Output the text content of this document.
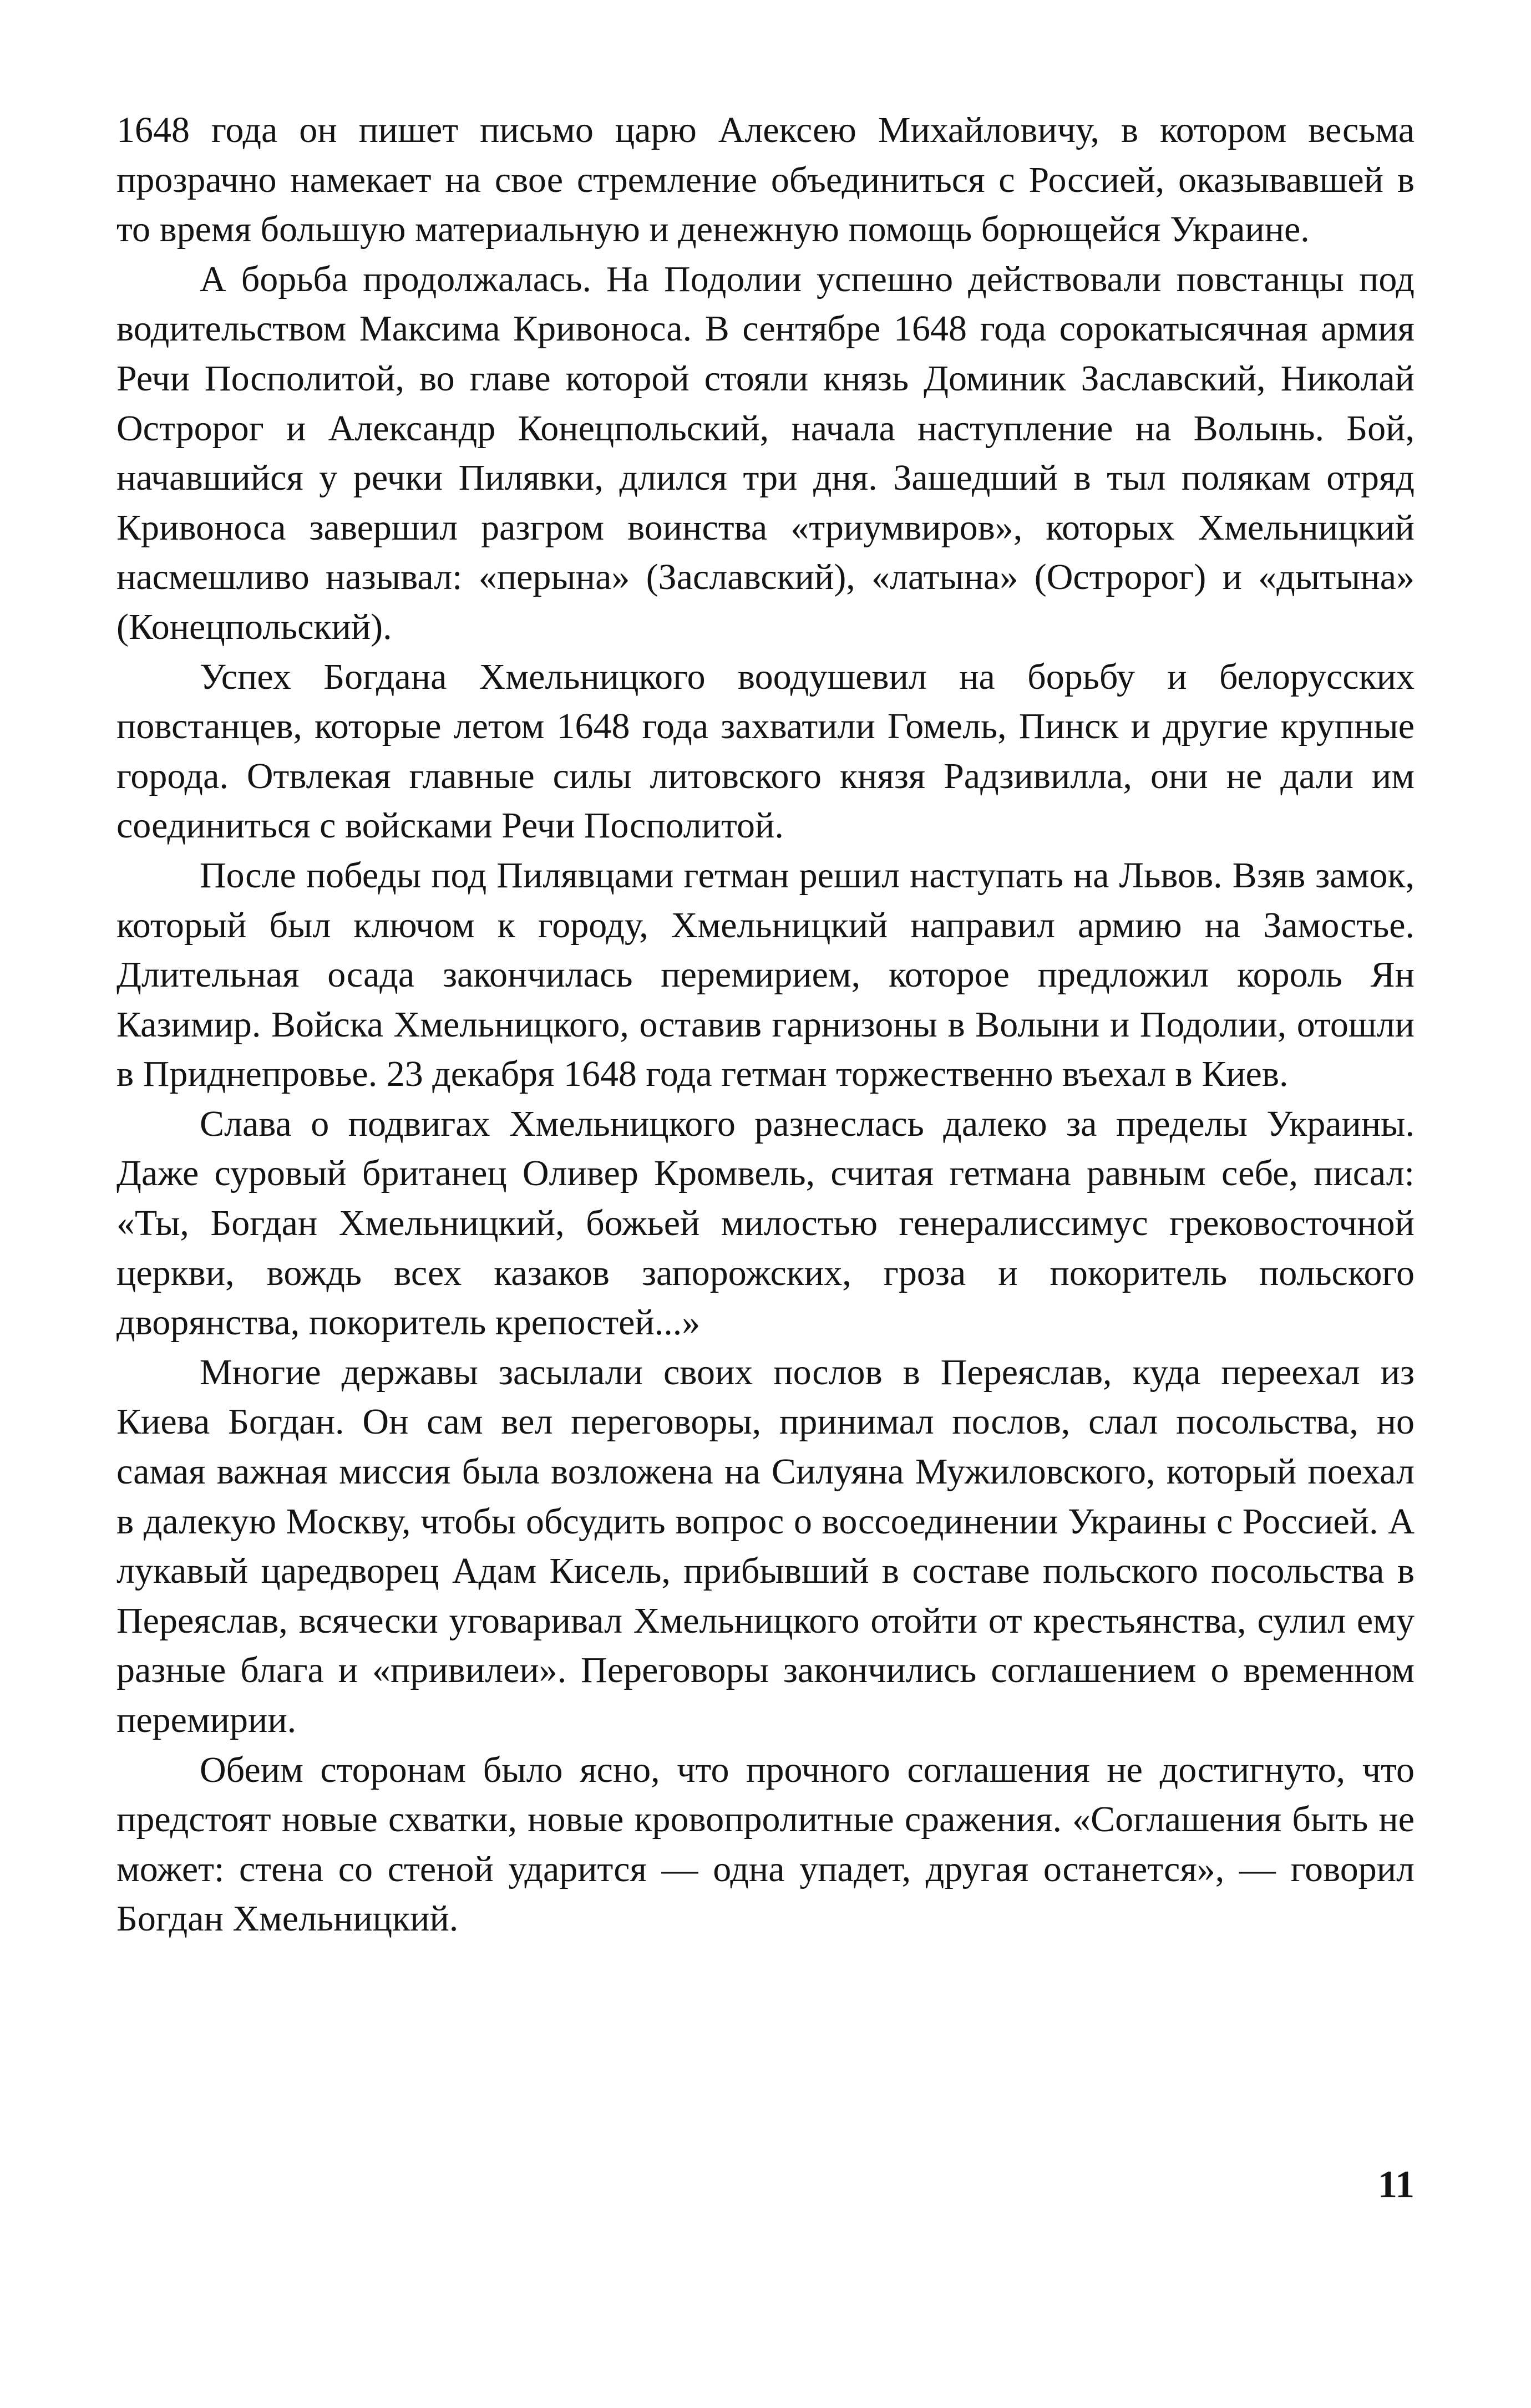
1648 года он пишет письмо царю Алексею Михайловичу, в котором весьма прозрачно намекает на свое стремление объединиться с Россией, оказывавшей в то время большую материальную и денежную помощь борющейся Украине.

А борьба продолжалась. На Подолии успешно действовали повстанцы под водительством Максима Кривоноса. В сентябре 1648 года сорокатысячная армия Речи Посполитой, во главе которой стояли князь Доминик Заславский, Николай Остророг и Александр Конецпольский, начала наступление на Волынь. Бой, начавшийся у речки Пилявки, длился три дня. Зашедший в тыл полякам отряд Кривоноса завершил разгром воинства «триумвиров», которых Хмельницкий насмешливо называл: «перына» (Заславский), «латына» (Остророг) и «дытына» (Конецпольский).

Успех Богдана Хмельницкого воодушевил на борьбу и белорусских повстанцев, которые летом 1648 года захватили Гомель, Пинск и другие крупные города. Отвлекая главные силы литовского князя Радзивилла, они не дали им соединиться с войсками Речи Посполитой.

После победы под Пилявцами гетман решил наступать на Львов. Взяв замок, который был ключом к городу, Хмельницкий направил армию на Замостье. Длительная осада закончилась перемирием, которое предложил король Ян Казимир. Войска Хмельницкого, оставив гарнизоны в Волыни и Подолии, отошли в Приднепровье. 23 декабря 1648 года гетман торжественно въехал в Киев.

Слава о подвигах Хмельницкого разнеслась далеко за пределы Украины. Даже суровый британец Оливер Кромвель, считая гетмана равным себе, писал: «Ты, Богдан Хмельницкий, божьей милостью генералиссимус грековосточной церкви, вождь всех казаков запорожских, гроза и покоритель польского дворянства, покоритель крепостей...»

Многие державы засылали своих послов в Переяслав, куда переехал из Киева Богдан. Он сам вел переговоры, принимал послов, слал посольства, но самая важная миссия была возложена на Силуяна Мужиловского, который поехал в далекую Москву, чтобы обсудить вопрос о воссоединении Украины с Россией. А лукавый царедворец Адам Кисель, прибывший в составе польского посольства в Переяслав, всячески уговаривал Хмельницкого отойти от крестьянства, сулил ему разные блага и «привилеи». Переговоры закончились соглашением о временном перемирии.

Обеим сторонам было ясно, что прочного соглашения не достигнуто, что предстоят новые схватки, новые кровопролитные сражения. «Соглашения быть не может: стена со стеной ударится — одна упадет, другая останется», — говорил Богдан Хмельницкий.

11
